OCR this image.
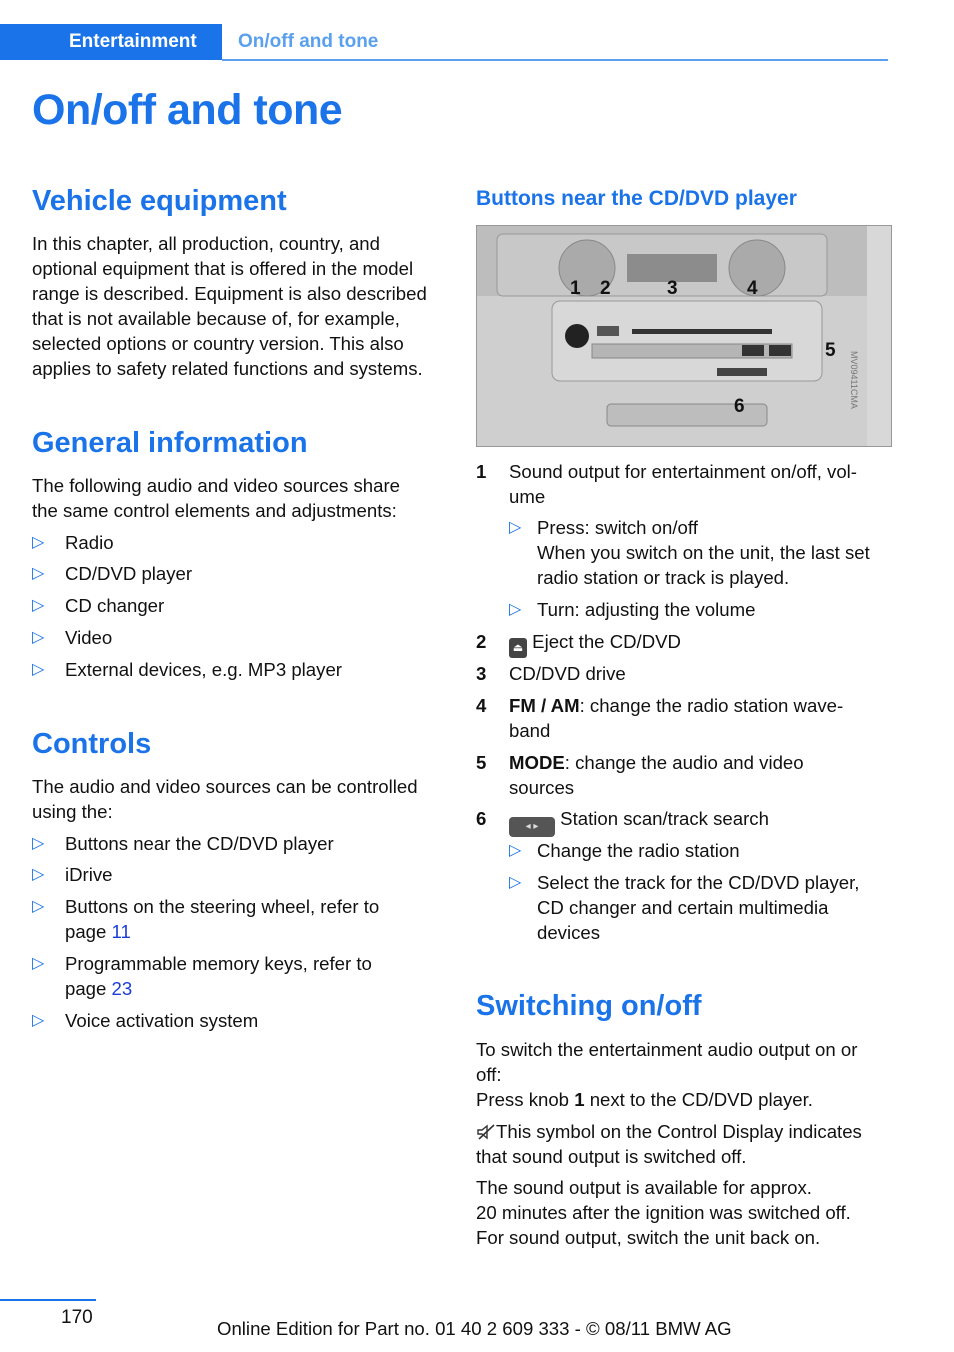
Entertainment On/off and tone
On/off and tone
Vehicle equipment

In this chapter, all production, country, and

optional equipment that is offered in the model

range is described. Equipment is also described

that is not available because of, for example,

selected options or country version. This also

applies to safety related functions and systems.

General information

The following audio and video sources share

the same control elements and adjustments:

▷ Radio
▷ CD/DVD player
▷ CD changer
▷ Video
▷ External devices, e.g. MP3 player
Controls

The audio and video sources can be controlled

using the:

▷ Buttons near the CD/DVD player
▷ iDrive
▷ Buttons on the steering wheel, refer to
page 11
▷ Programmable memory keys, refer to
page 23
▷ Voice activation system
Buttons near the CD/DVD player
1 2	3	4
5
6	MV09411CMA
1 Sound output for entertainment on/off, vol-
ume
▷ Press: switch on/off
When you switch on the unit, the last set
radio station or track is played.
▷ Turn: adjusting the volume
2	⏏ Eject the CD/DVD
3 CD/DVD drive
4 FM / AM: change the radio station wave-
band
5 MODE: change the audio and video
sources
6	◂ ▸ Station scan/track search
▷ Change the radio station
▷ Select the track for the CD/DVD player,
CD changer and certain multimedia
devices
Switching on/off

To switch the entertainment audio output on or

off:

Press knob 1 next to the CD/DVD player.

This symbol on the Control Display indicates

that sound output is switched off.

The sound output is available for approx.

20 minutes after the ignition was switched off.

For sound output, switch the unit back on.

170
Online Edition for Part no. 01 40 2 609 333 - © 08/11 BMW AG
